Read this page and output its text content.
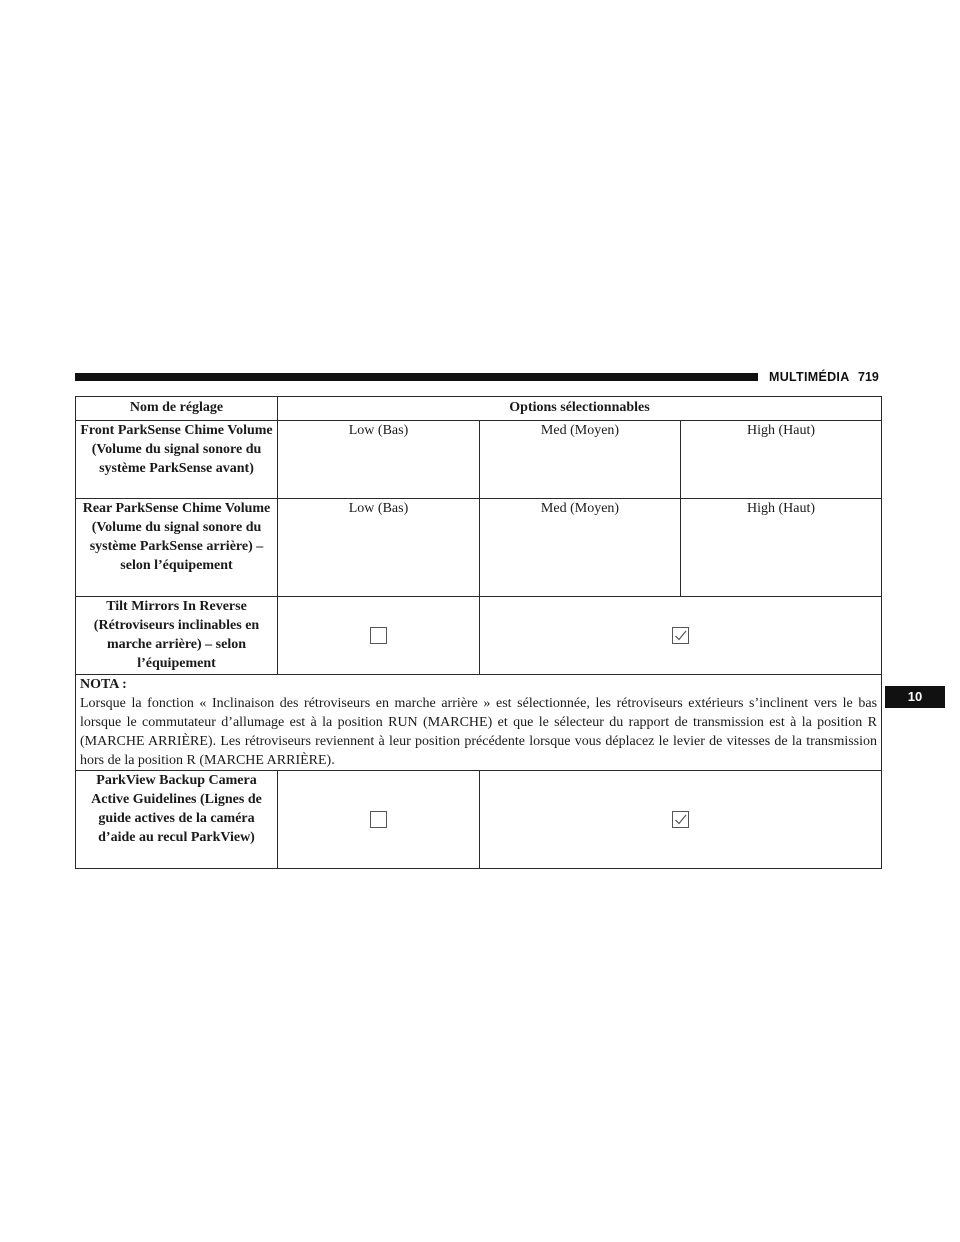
MULTIMÉDIA 719
10
Nom de réglage	Options sélectionnables		
Front ParkSense Chime Volume (Volume du signal sonore du système ParkSense avant)	Low (Bas)	Med (Moyen)	High (Haut)
Rear ParkSense Chime Volume (Volume du signal sonore du système ParkSense arrière) – selon l’équipement	Low (Bas)	Med (Moyen)	High (Haut)
Tilt Mirrors In Reverse (Rétroviseurs inclinables en marche arrière) – selon l’équipement		

NOTA :
Lorsque la fonction « Inclinaison des rétroviseurs en marche arrière » est sélectionnée, les rétroviseurs extérieurs s’inclinent vers le bas lorsque le commutateur d’allumage est à la position RUN (MARCHE) et que le sélecteur du rapport de transmission est à la position R (MARCHE ARRIÈRE). Les rétroviseurs reviennent à leur position précédente lorsque vous déplacez le levier de vitesses de la transmission hors de la position R (MARCHE ARRIÈRE).			

ParkView Backup Camera Active Guidelines (Lignes de guide actives de la caméra d’aide au recul ParkView)		
